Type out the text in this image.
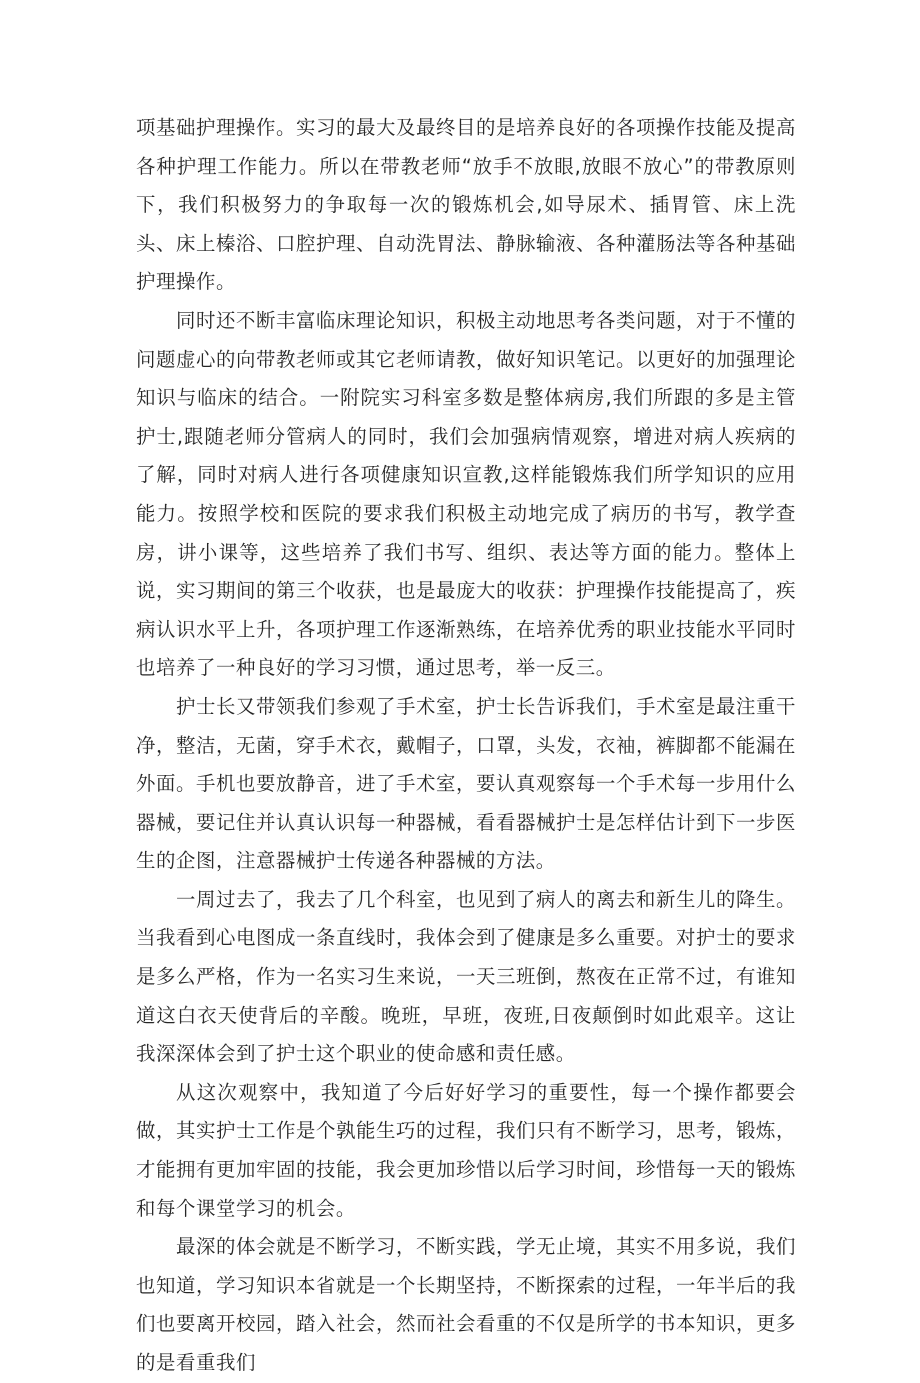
项基础护理操作。实习的最大及最终目的是培养良好的各项操作技能及提高各种护理工作能力。所以在带教老师“放手不放眼,放眼不放心”的带教原则下，我们积极努力的争取每一次的锻炼机会,如导尿术、插胃管、床上洗头、床上榛浴、口腔护理、自动洗胃法、静脉输液、各种灌肠法等各种基础护理操作。

同时还不断丰富临床理论知识，积极主动地思考各类问题，对于不懂的问题虚心的向带教老师或其它老师请教，做好知识笔记。以更好的加强理论知识与临床的结合。一附院实习科室多数是整体病房,我们所跟的多是主管护士,跟随老师分管病人的同时，我们会加强病情观察，增进对病人疾病的了解，同时对病人进行各项健康知识宣教,这样能锻炼我们所学知识的应用能力。按照学校和医院的要求我们积极主动地完成了病历的书写，教学查房，讲小课等，这些培养了我们书写、组织、表达等方面的能力。整体上说，实习期间的第三个收获，也是最庞大的收获：护理操作技能提高了，疾病认识水平上升，各项护理工作逐渐熟练，在培养优秀的职业技能水平同时也培养了一种良好的学习习惯，通过思考，举一反三。

护士长又带领我们参观了手术室，护士长告诉我们，手术室是最注重干净，整洁，无菌，穿手术衣，戴帽子，口罩，头发，衣袖，裤脚都不能漏在外面。手机也要放静音，进了手术室，要认真观察每一个手术每一步用什么器械，要记住并认真认识每一种器械，看看器械护士是怎样估计到下一步医生的企图，注意器械护士传递各种器械的方法。

一周过去了，我去了几个科室，也见到了病人的离去和新生儿的降生。当我看到心电图成一条直线时，我体会到了健康是多么重要。对护士的要求是多么严格，作为一名实习生来说，一天三班倒，熬夜在正常不过，有谁知道这白衣天使背后的辛酸。晚班，早班，夜班,日夜颠倒时如此艰辛。这让我深深体会到了护士这个职业的使命感和责任感。

从这次观察中，我知道了今后好好学习的重要性，每一个操作都要会做，其实护士工作是个孰能生巧的过程，我们只有不断学习，思考，锻炼，才能拥有更加牢固的技能，我会更加珍惜以后学习时间，珍惜每一天的锻炼和每个课堂学习的机会。

最深的体会就是不断学习，不断实践，学无止境，其实不用多说，我们也知道，学习知识本省就是一个长期坚持，不断探索的过程，一年半后的我们也要离开校园，踏入社会，然而社会看重的不仅是所学的书本知识，更多的是看重我们
